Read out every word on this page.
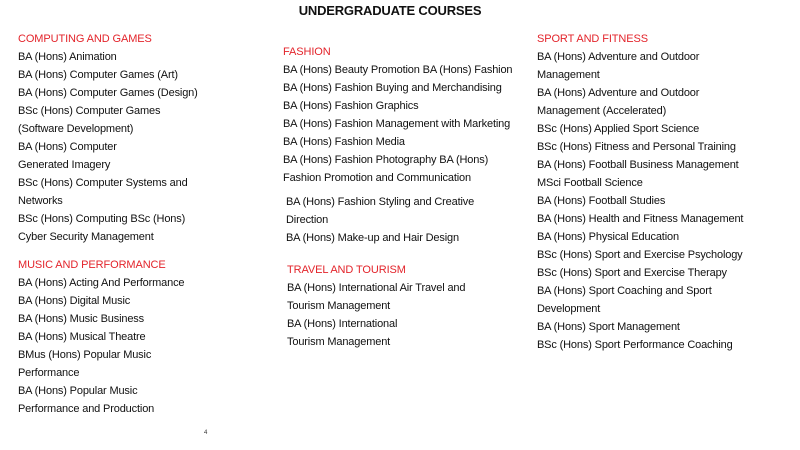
UNDERGRADUATE COURSES
COMPUTING AND GAMES
BA (Hons) Animation
BA (Hons) Computer Games (Art)
BA (Hons) Computer Games (Design)
BSc (Hons) Computer Games (Software Development)
BA (Hons) Computer Generated Imagery
BSc (Hons) Computer Systems and Networks
BSc (Hons) Computing BSc (Hons) Cyber Security Management
MUSIC AND PERFORMANCE
BA (Hons) Acting And Performance
BA (Hons) Digital Music
BA (Hons) Music Business
BA (Hons) Musical Theatre
BMus (Hons) Popular Music Performance
BA (Hons) Popular Music Performance and Production
FASHION
BA (Hons) Beauty Promotion BA (Hons) Fashion
BA (Hons) Fashion Buying and Merchandising
BA (Hons) Fashion Graphics
BA (Hons) Fashion Management with Marketing
BA (Hons) Fashion Media
BA (Hons) Fashion Photography BA (Hons) Fashion Promotion and Communication
BA (Hons) Fashion Styling and Creative Direction
BA (Hons) Make-up and Hair Design
TRAVEL AND TOURISM
BA (Hons) International Air Travel and Tourism Management
BA (Hons) International Tourism Management
SPORT AND FITNESS
BA (Hons) Adventure and Outdoor Management
BA (Hons) Adventure and Outdoor Management (Accelerated)
BSc (Hons) Applied Sport Science
BSc (Hons) Fitness and Personal Training
BA (Hons) Football Business Management
MSci Football Science
BA (Hons) Football Studies
BA (Hons) Health and Fitness Management
BA (Hons) Physical Education
BSc (Hons) Sport and Exercise Psychology
BSc (Hons) Sport and Exercise Therapy
BA (Hons) Sport Coaching and Sport Development
BA (Hons) Sport Management
BSc (Hons) Sport Performance Coaching
4
